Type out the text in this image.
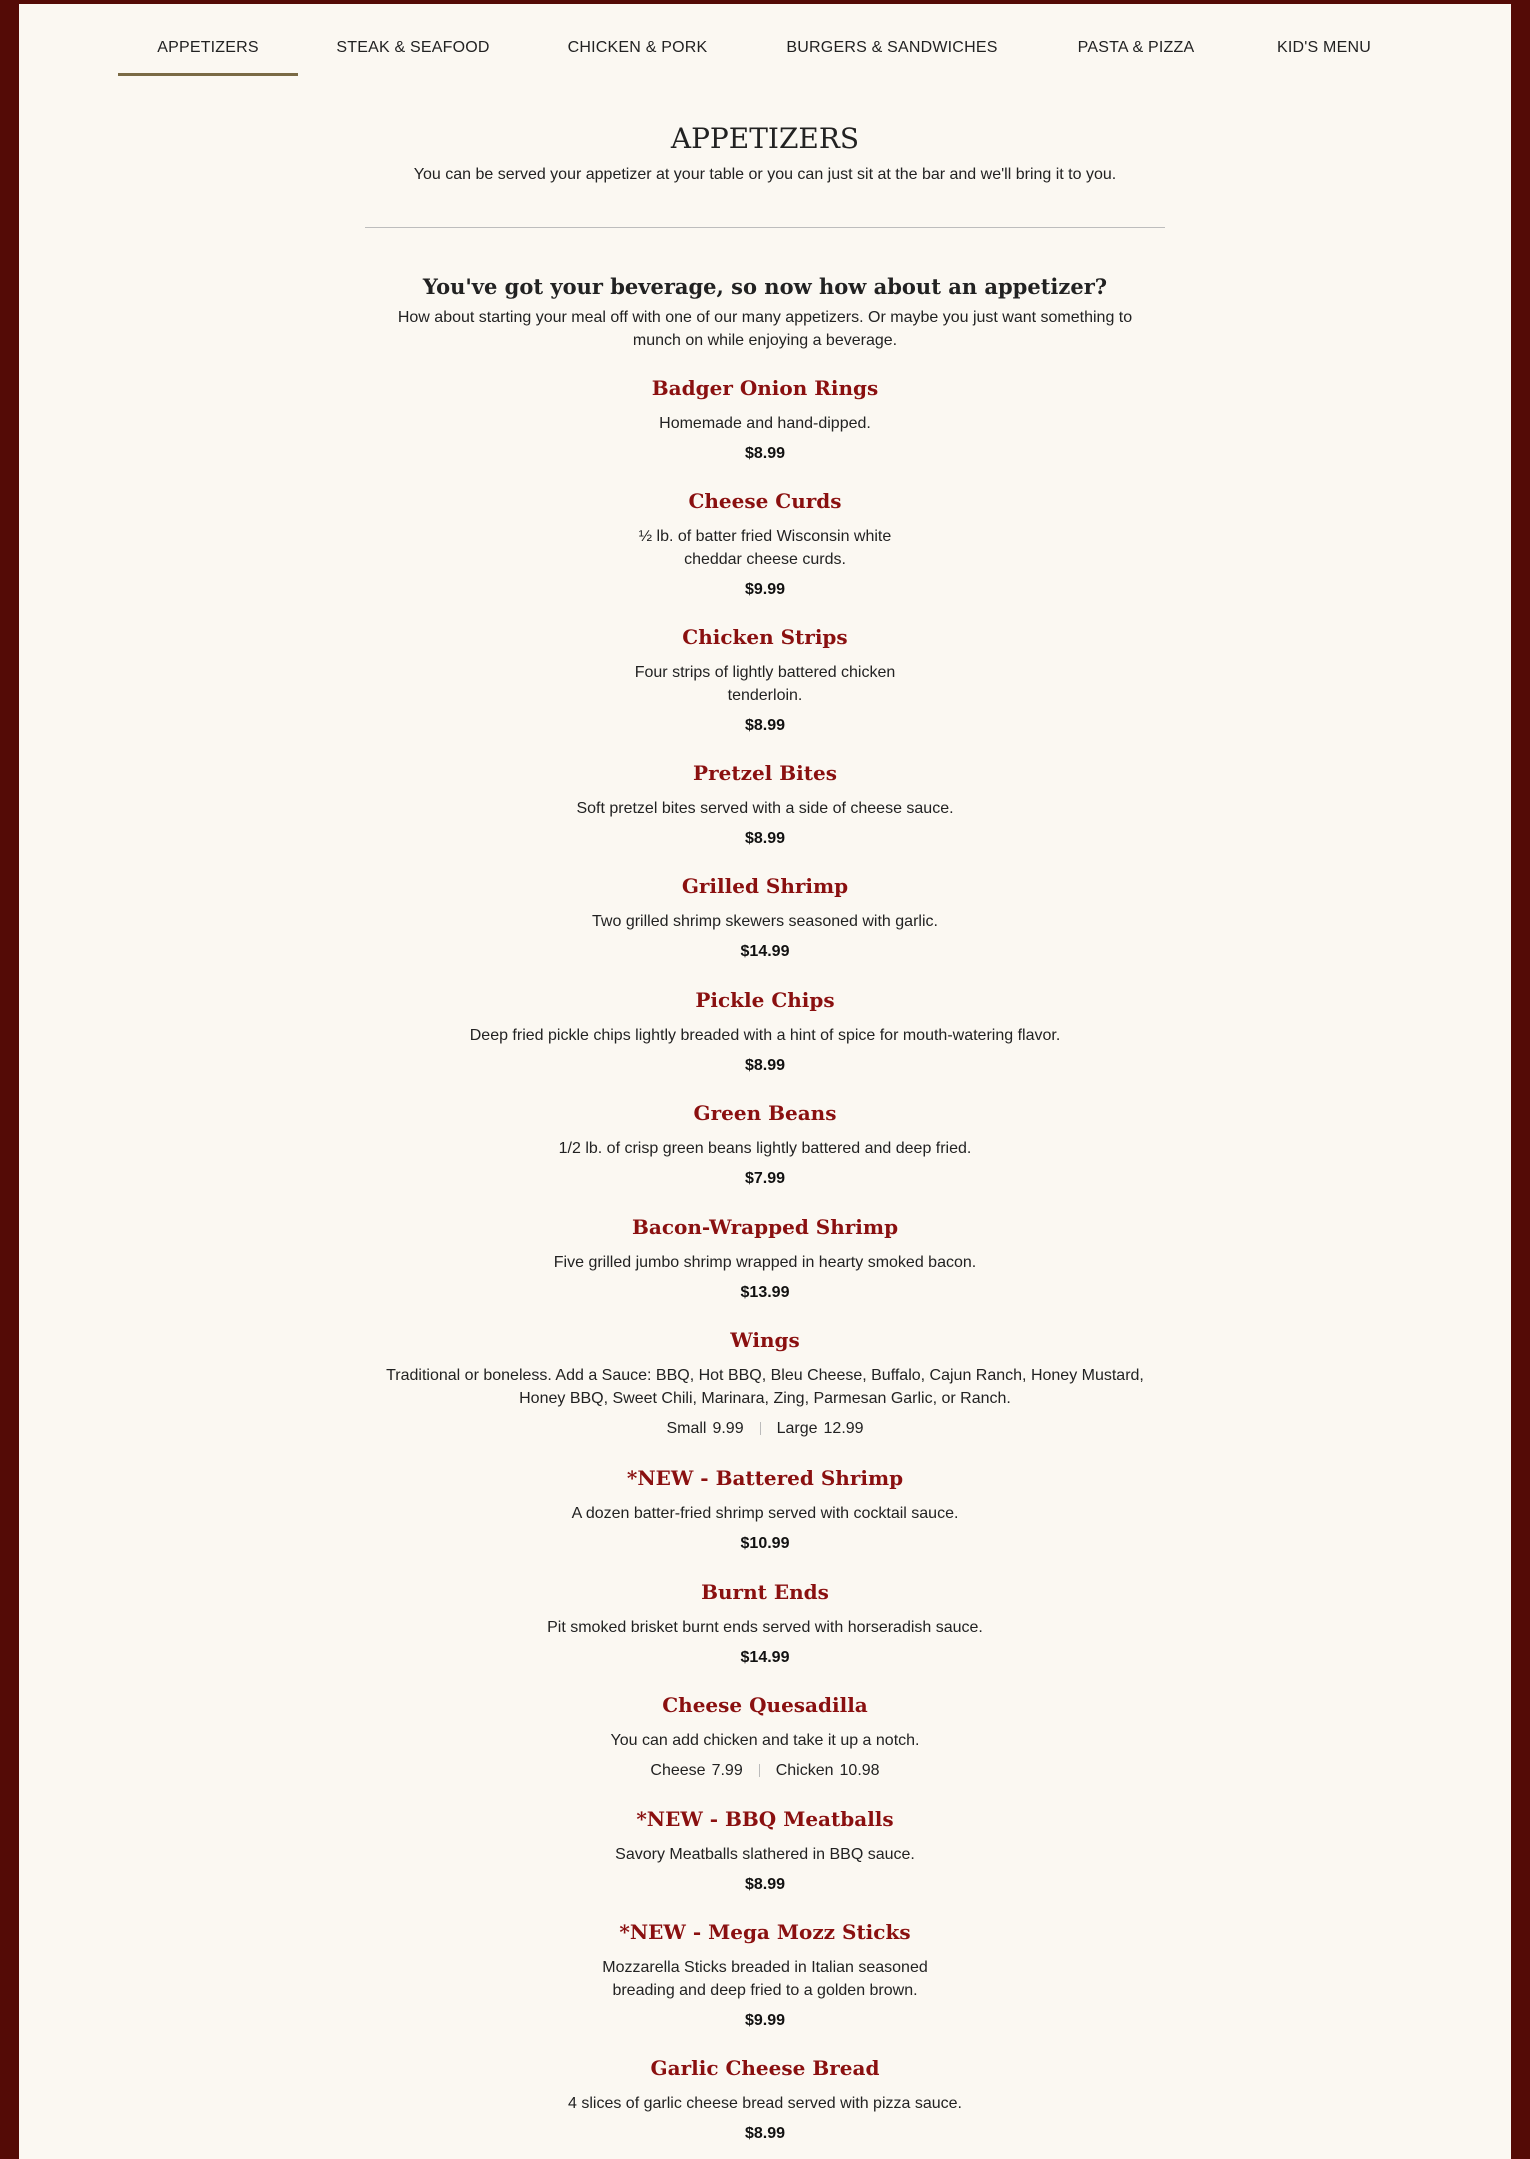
APPETIZERS	STEAK & SEAFOOD	CHICKEN & PORK	BURGERS & SANDWICHES	PASTA & PIZZA	KID'S MENU
APPETIZERS

You can be served your appetizer at your table or you can just sit at the bar and we'll bring it to you.

You've got your beverage, so now how about an appetizer?

How about starting your meal off with one of our many appetizers. Or maybe you just want something to munch on while enjoying a beverage.

Badger Onion Rings
Homemade and hand-dipped.
$8.99
Cheese Curds
½ lb. of batter fried Wisconsin white cheddar cheese curds.
$9.99
Chicken Strips
Four strips of lightly battered chicken tenderloin.
$8.99
Pretzel Bites
Soft pretzel bites served with a side of cheese sauce.
$8.99
Grilled Shrimp
Two grilled shrimp skewers seasoned with garlic.
$14.99
Pickle Chips
Deep fried pickle chips lightly breaded with a hint of spice for mouth-watering flavor.
$8.99
Green Beans
1/2 lb. of crisp green beans lightly battered and deep fried.
$7.99
Bacon-Wrapped Shrimp
Five grilled jumbo shrimp wrapped in hearty smoked bacon.
$13.99
Wings
Traditional or boneless. Add a Sauce: BBQ, Hot BBQ, Bleu Cheese, Buffalo, Cajun Ranch, Honey Mustard, Honey BBQ, Sweet Chili, Marinara, Zing, Parmesan Garlic, or Ranch.
Small 9.99 Large 12.99
*NEW - Battered Shrimp
A dozen batter-fried shrimp served with cocktail sauce.
$10.99
Burnt Ends
Pit smoked brisket burnt ends served with horseradish sauce.
$14.99
Cheese Quesadilla
You can add chicken and take it up a notch.
Cheese 7.99 Chicken 10.98
*NEW - BBQ Meatballs
Savory Meatballs slathered in BBQ sauce.
$8.99
*NEW - Mega Mozz Sticks
Mozzarella Sticks breaded in Italian seasoned breading and deep fried to a golden brown.
$9.99
Garlic Cheese Bread
4 slices of garlic cheese bread served with pizza sauce.
$8.99
